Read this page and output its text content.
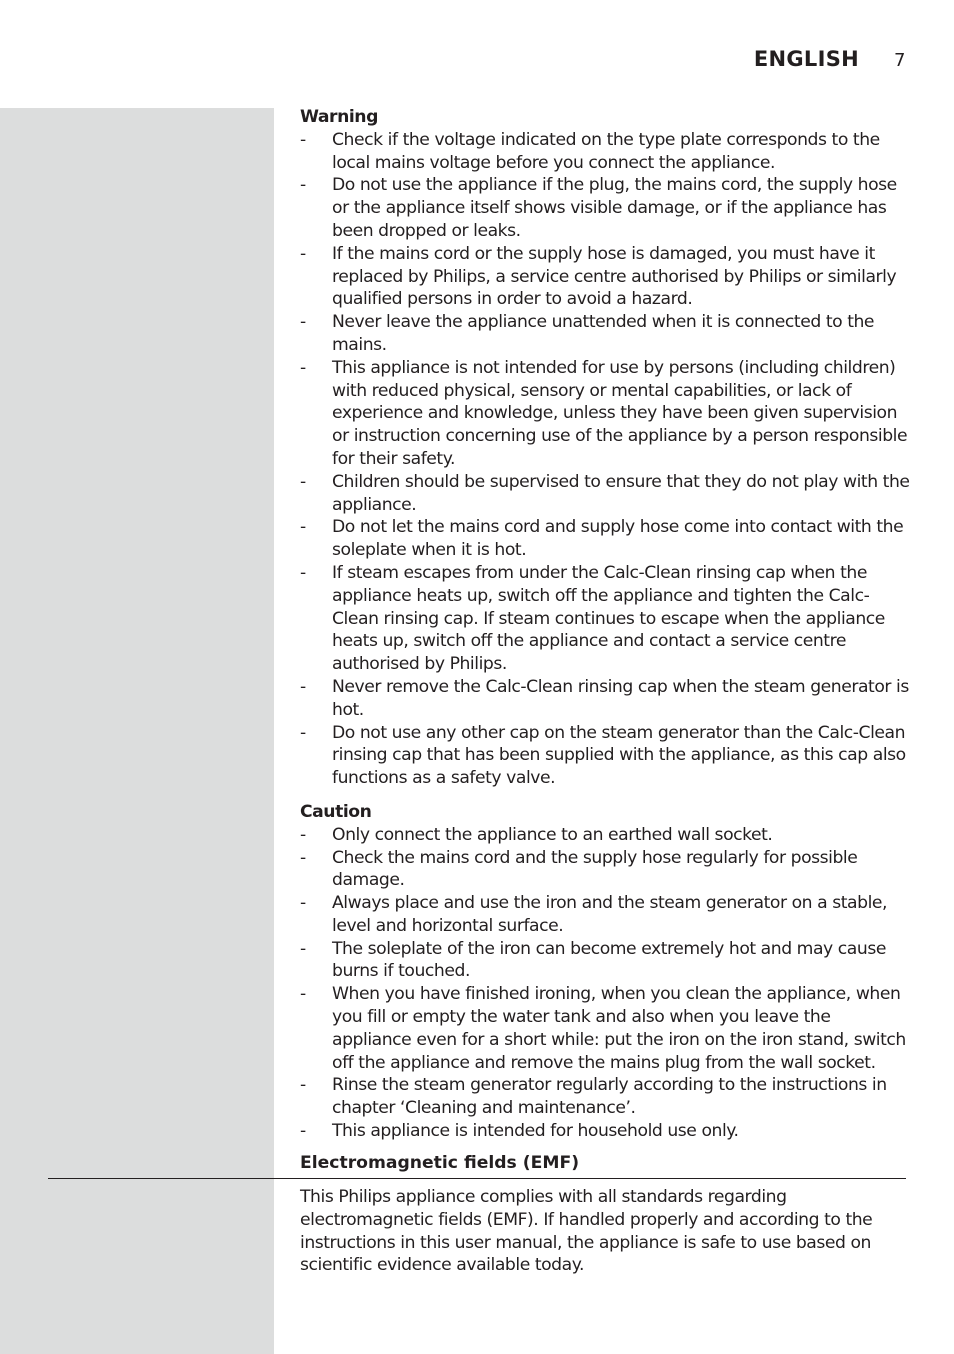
ENGLISH 7
Warning
- Check if the voltage indicated on the type plate corresponds to the local mains voltage before you connect the appliance.
- Do not use the appliance if the plug, the mains cord, the supply hose or the appliance itself shows visible damage, or if the appliance has been dropped or leaks.
- If the mains cord or the supply hose is damaged, you must have it replaced by Philips, a service centre authorised by Philips or similarly qualified persons in order to avoid a hazard.
- Never leave the appliance unattended when it is connected to the mains.
- This appliance is not intended for use by persons (including children) with reduced physical, sensory or mental capabilities, or lack of experience and knowledge, unless they have been given supervision or instruction concerning use of the appliance by a person responsible for their safety.
- Children should be supervised to ensure that they do not play with the appliance.
- Do not let the mains cord and supply hose come into contact with the soleplate when it is hot.
- If steam escapes from under the Calc-Clean rinsing cap when the appliance heats up, switch off the appliance and tighten the Calc-Clean rinsing cap. If steam continues to escape when the appliance heats up, switch off the appliance and contact a service centre authorised by Philips.
- Never remove the Calc-Clean rinsing cap when the steam generator is hot.
- Do not use any other cap on the steam generator than the Calc-Clean rinsing cap that has been supplied with the appliance, as this cap also functions as a safety valve.
Caution
- Only connect the appliance to an earthed wall socket.
- Check the mains cord and the supply hose regularly for possible damage.
- Always place and use the iron and the steam generator on a stable, level and horizontal surface.
- The soleplate of the iron can become extremely hot and may cause burns if touched.
- When you have finished ironing, when you clean the appliance, when you fill or empty the water tank and also when you leave the appliance even for a short while: put the iron on the iron stand, switch off the appliance and remove the mains plug from the wall socket.
- Rinse the steam generator regularly according to the instructions in chapter ‘Cleaning and maintenance’.
- This appliance is intended for household use only.
Electromagnetic fields (EMF)

This Philips appliance complies with all standards regarding electromagnetic fields (EMF). If handled properly and according to the instructions in this user manual, the appliance is safe to use based on scientific evidence available today.
